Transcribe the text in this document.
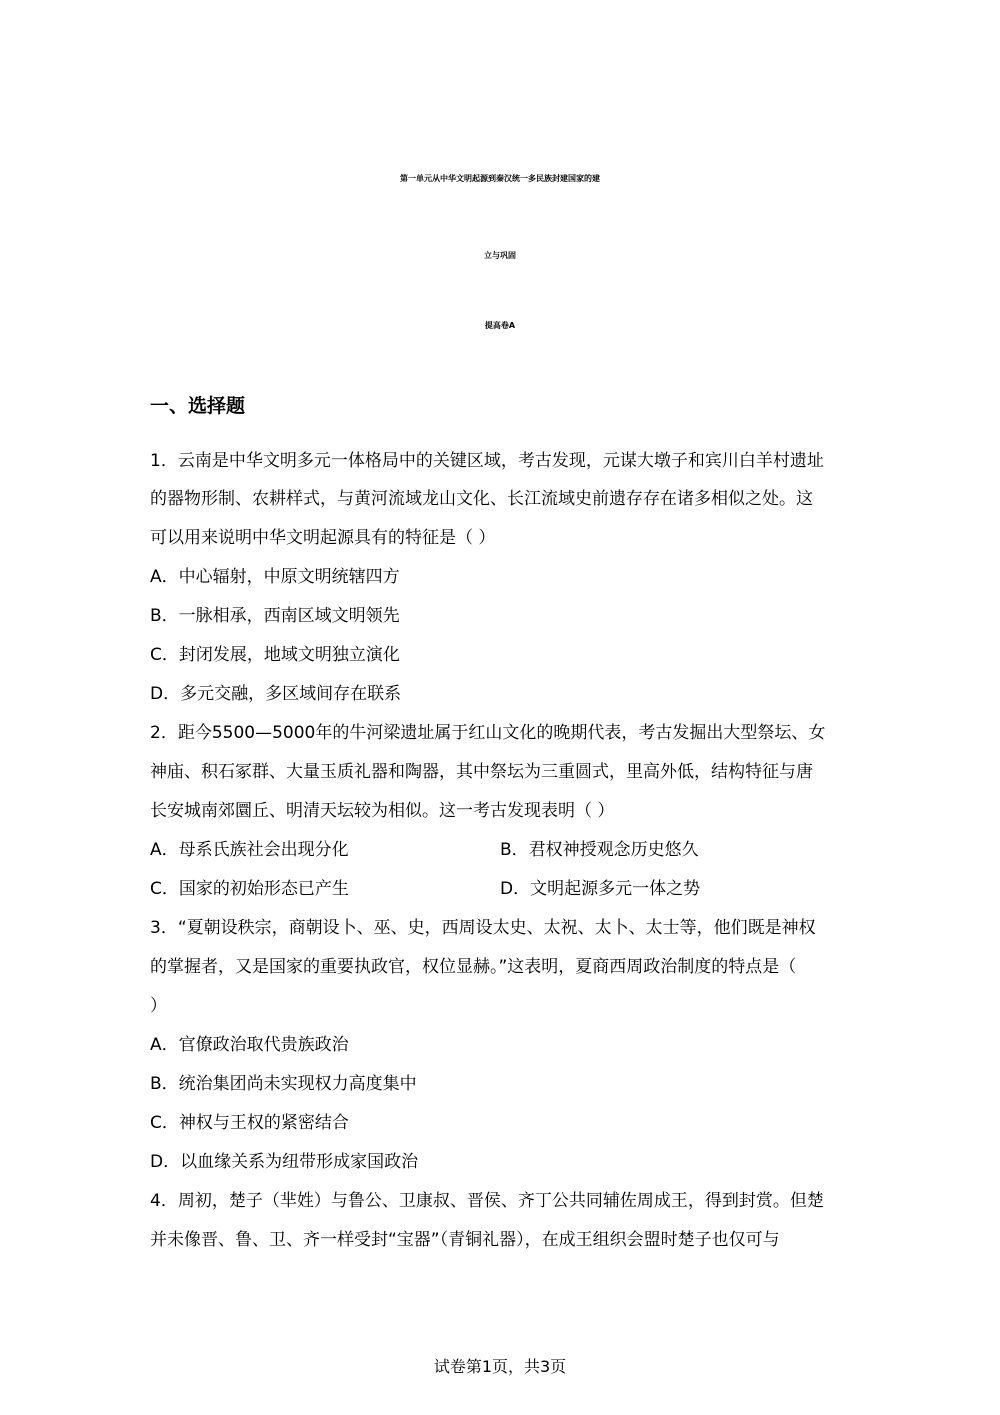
第一单元从中华文明起源到秦汉统一多民族封建国家的建
立与巩固
提高卷A
一、选择题
1．云南是中华文明多元一体格局中的关键区域，考古发现，元谋大墩子和宾川白羊村遗址
的器物形制、农耕样式，与黄河流域龙山文化、长江流域史前遗存存在诸多相似之处。这
可以用来说明中华文明起源具有的特征是（ ）
A．中心辐射，中原文明统辖四方
B．一脉相承，西南区域文明领先
C．封闭发展，地域文明独立演化
D．多元交融，多区域间存在联系
2．距今5500—5000年的牛河梁遗址属于红山文化的晚期代表，考古发掘出大型祭坛、女
神庙、积石冢群、大量玉质礼器和陶器，其中祭坛为三重圆式，里高外低，结构特征与唐
长安城南郊圜丘、明清天坛较为相似。这一考古发现表明（ ）
A．母系氏族社会出现分化	B．君权神授观念历史悠久
C．国家的初始形态已产生	D．文明起源多元一体之势
3．“夏朝设秩宗，商朝设卜、巫、史，西周设太史、太祝、太卜、太士等，他们既是神权
的掌握者，又是国家的重要执政官，权位显赫。”这表明，夏商西周政治制度的特点是（
）
A．官僚政治取代贵族政治
B．统治集团尚未实现权力高度集中
C．神权与王权的紧密结合
D．以血缘关系为纽带形成家国政治
4．周初，楚子（芈姓）与鲁公、卫康叔、晋侯、齐丁公共同辅佐周成王，得到封赏。但楚
并未像晋、鲁、卫、齐一样受封“宝器”（青铜礼器），在成王组织会盟时楚子也仅可与
试卷第1页，共3页
